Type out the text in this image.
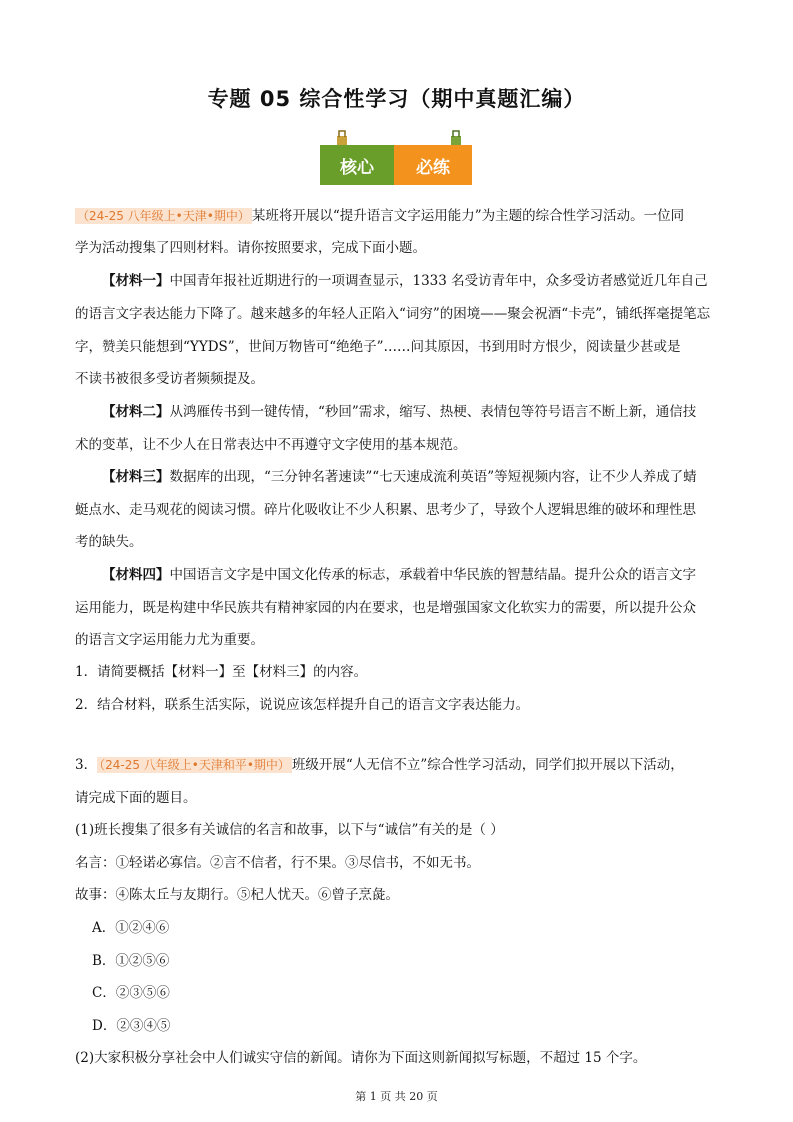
专题 05 综合性学习（期中真题汇编）
核心	必练
（24-25 八年级上•天津•期中） 某班将开展以“提升语言文字运用能力”为主题的综合性学习活动。一位同
学为活动搜集了四则材料。请你按照要求，完成下面小题。
【材料一】中国青年报社近期进行的一项调查显示，1333 名受访青年中，众多受访者感觉近几年自己
的语言文字表达能力下降了。越来越多的年轻人正陷入“词穷”的困境——聚会祝酒“卡壳”，铺纸挥毫提笔忘
字，赞美只能想到“YYDS”，世间万物皆可“绝绝子”……问其原因，书到用时方恨少，阅读量少甚或是
不读书被很多受访者频频提及。
【材料二】从鸿雁传书到一键传情，“秒回”需求，缩写、热梗、表情包等符号语言不断上新，通信技
术的变革，让不少人在日常表达中不再遵守文字使用的基本规范。
【材料三】数据库的出现，“三分钟名著速读”“七天速成流利英语”等短视频内容，让不少人养成了蜻
蜓点水、走马观花的阅读习惯。碎片化吸收让不少人积累、思考少了，导致个人逻辑思维的破坏和理性思
考的缺失。
【材料四】中国语言文字是中国文化传承的标志，承载着中华民族的智慧结晶。提升公众的语言文字
运用能力，既是构建中华民族共有精神家园的内在要求，也是增强国家文化软实力的需要，所以提升公众
的语言文字运用能力尤为重要。
1．请简要概括【材料一】至【材料三】的内容。
2．结合材料，联系生活实际，说说应该怎样提升自己的语言文字表达能力。
3． （24-25 八年级上•天津和平•期中） 班级开展“人无信不立”综合性学习活动，同学们拟开展以下活动，
请完成下面的题目。
(1)班长搜集了很多有关诚信的名言和故事，以下与“诚信”有关的是（ ）
名言：①轻诺必寡信。②言不信者，行不果。③尽信书，不如无书。
故事：④陈太丘与友期行。⑤杞人忧天。⑥曾子烹彘。
A．①②④⑥
B．①②⑤⑥
C．②③⑤⑥
D．②③④⑤
(2)大家积极分享社会中人们诚实守信的新闻。请你为下面这则新闻拟写标题，不超过 15 个字。
第 1 页 共 20 页
